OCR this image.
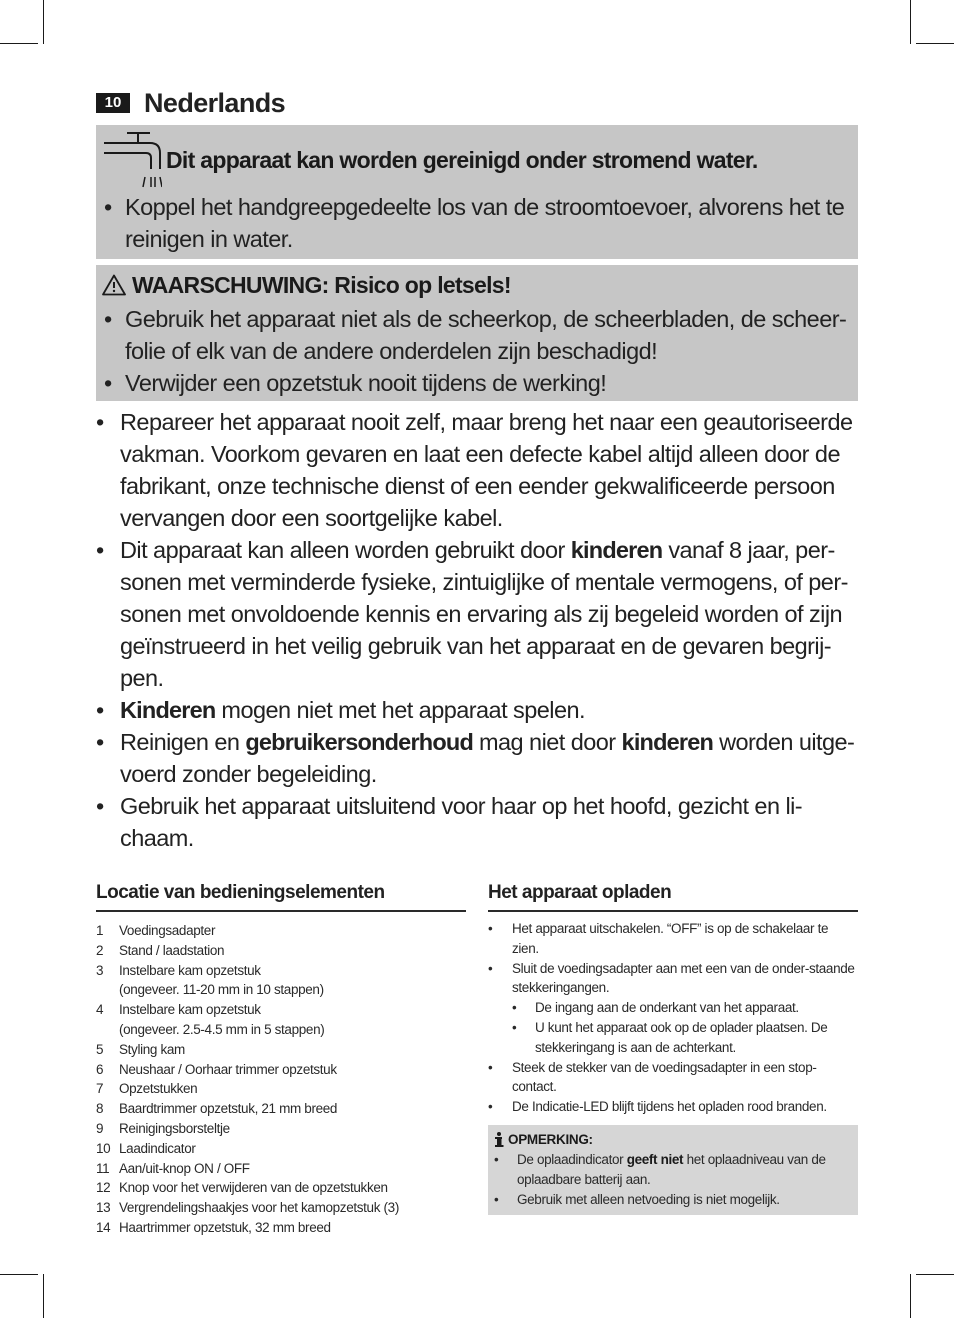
10 Nederlands
Dit apparaat kan worden gereinigd onder stromend water.
• Koppel het handgreepgedeelte los van de stroomtoevoer, alvorens het te reinigen in water.
WAARSCHUWING: Risico op letsels!
• Gebruik het apparaat niet als de scheerkop, de scheerbladen, de scheer-folie of elk van de andere onderdelen zijn beschadigd!
• Verwijder een opzetstuk nooit tijdens de werking!
• Repareer het apparaat nooit zelf, maar breng het naar een geautoriseerde vakman. Voorkom gevaren en laat een defecte kabel altijd alleen door de fabrikant, onze technische dienst of een eender gekwalificeerde persoon vervangen door een soortgelijke kabel.
• Dit apparaat kan alleen worden gebruikt door kinderen vanaf 8 jaar, per-sonen met verminderde fysieke, zintuiglijke of mentale vermogens, of per-sonen met onvoldoende kennis en ervaring als zij begeleid worden of zijn geïnstrueerd in het veilig gebruik van het apparaat en de gevaren begrij-pen.
• Kinderen mogen niet met het apparaat spelen.
• Reinigen en gebruikersonderhoud mag niet door kinderen worden uitge-voerd zonder begeleiding.
• Gebruik het apparaat uitsluitend voor haar op het hoofd, gezicht en li-chaam.
Locatie van bedieningselementen
1	Voedingsadapter
2	Stand / laadstation
3	Instelbare kam opzetstuk
(ongeveer. 11-20 mm in 10 stappen)
4	Instelbare kam opzetstuk
(ongeveer. 2.5-4.5 mm in 5 stappen)
5	Styling kam
6	Neushaar / Oorhaar trimmer opzetstuk
7	Opzetstukken
8	Baardtrimmer opzetstuk, 21 mm breed
9	Reinigingsborsteltje
10 Laadindicator
11 Aan/uit-knop ON / OFF
12 Knop voor het verwijderen van de opzetstukken
13 Vergrendelingshaakjes voor het kamopzetstuk (3)
14 Haartrimmer opzetstuk, 32 mm breed
Het apparaat opladen
• Het apparaat uitschakelen. “OFF” is op de schakelaar te zien.
• Sluit de voedingsadapter aan met een van de onder-staande stekkeringangen.
• De ingang aan de onderkant van het apparaat.
• U kunt het apparaat ook op de oplader plaatsen. De stekkeringang is aan de achterkant.
• Steek de stekker van de voedingsadapter in een stop-contact.
• De Indicatie-LED blijft tijdens het opladen rood branden.
OPMERKING:
• De oplaadindicator geeft niet het oplaadniveau van de oplaadbare batterij aan.
• Gebruik met alleen netvoeding is niet mogelijk.
